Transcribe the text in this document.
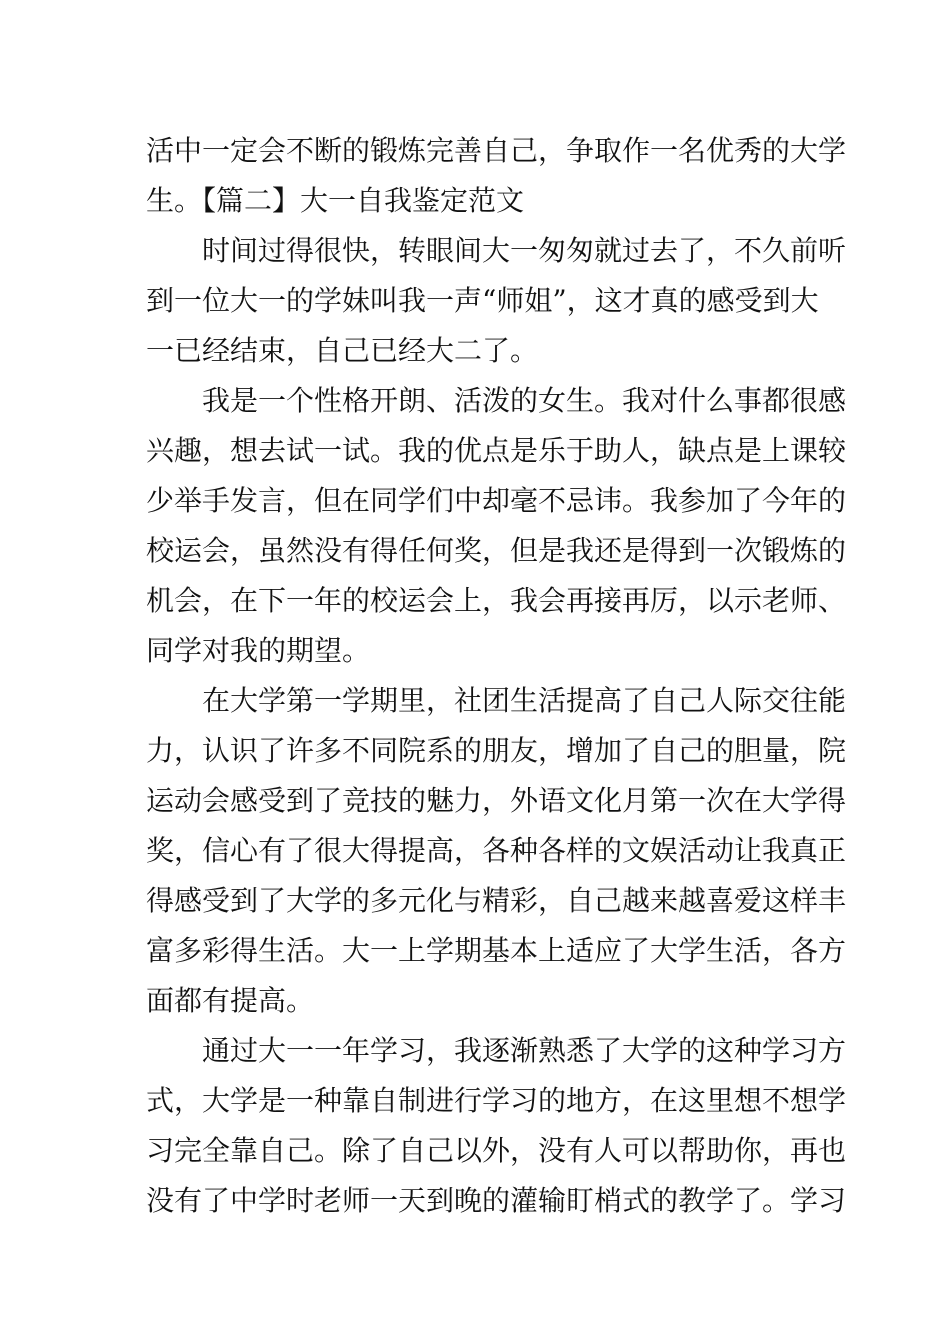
活中一定会不断的锻炼完善自己，争取作一名优秀的大学
生。【篇二】大一自我鉴定范文
时间过得很快，转眼间大一匆匆就过去了，不久前听
到一位大一的学妹叫我一声“师姐”，这才真的感受到大
一已经结束，自己已经大二了。
我是一个性格开朗、活泼的女生。我对什么事都很感
兴趣，想去试一试。我的优点是乐于助人，缺点是上课较
少举手发言，但在同学们中却毫不忌讳。我参加了今年的
校运会，虽然没有得任何奖，但是我还是得到一次锻炼的
机会，在下一年的校运会上，我会再接再厉，以示老师、
同学对我的期望。
在大学第一学期里，社团生活提高了自己人际交往能
力，认识了许多不同院系的朋友，增加了自己的胆量，院
运动会感受到了竞技的魅力，外语文化月第一次在大学得
奖，信心有了很大得提高，各种各样的文娱活动让我真正
得感受到了大学的多元化与精彩，自己越来越喜爱这样丰
富多彩得生活。大一上学期基本上适应了大学生活，各方
面都有提高。
通过大一一年学习，我逐渐熟悉了大学的这种学习方
式，大学是一种靠自制进行学习的地方，在这里想不想学
习完全靠自己。除了自己以外，没有人可以帮助你，再也
没有了中学时老师一天到晚的灌输盯梢式的教学了。学习
